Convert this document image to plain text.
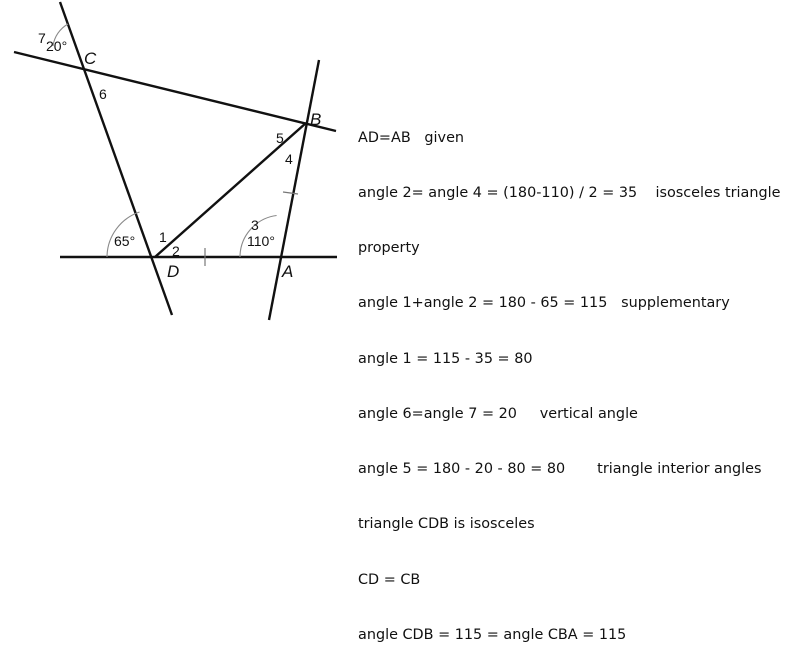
C
B
D	A
65°	110°
20°
1
2
3
4
5
6
7

AD=AB   given

angle 2= angle 4 = (180-110) / 2 = 35    isosceles triangle

property

angle 1+angle 2 = 180 - 65 = 115   supplementary

angle 1 = 115 - 35 = 80

angle 6=angle 7 = 20     vertical angle

angle 5 = 180 - 20 - 80 = 80       triangle interior angles

triangle CDB is isosceles

CD = CB

angle CDB = 115 = angle CBA = 115
